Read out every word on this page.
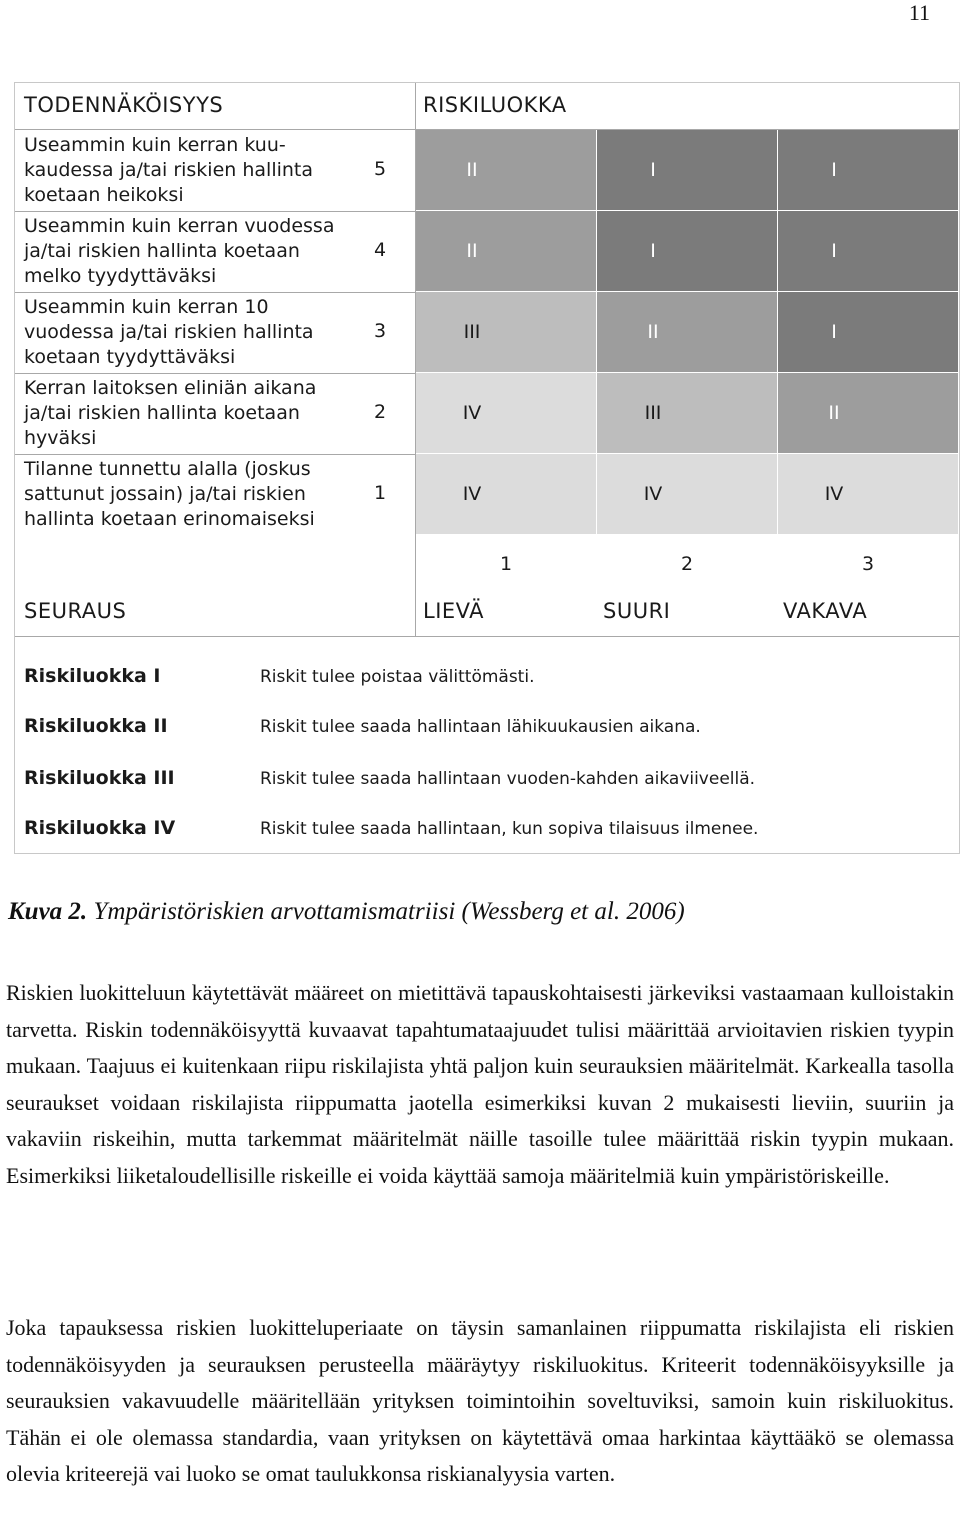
11
TODENNÄKÖISYYS	RISKILUOKKA
Useammin kuin kerran kuu-
kaudessa ja/tai riskien hallinta
koetaan heikoksi
5	II	I	I
Useammin kuin kerran vuodessa
ja/tai riskien hallinta koetaan
melko tyydyttäväksi
4	II	I	I
Useammin kuin kerran 10
vuodessa ja/tai riskien hallinta
koetaan tyydyttäväksi
3	III	II	I
Kerran laitoksen eliniän aikana
ja/tai riskien hallinta koetaan
hyväksi
2	IV	III	II
Tilanne tunnettu alalla (joskus
sattunut jossain) ja/tai riskien
hallinta koetaan erinomaiseksi
1	IV	IV	IV
1	2	3
SEURAUS	LIEVÄ	SUURI	VAKAVA
Riskiluokka I	Riskit tulee poistaa välittömästi.
Riskiluokka II	Riskit tulee saada hallintaan lähikuukausien aikana.
Riskiluokka III	Riskit tulee saada hallintaan vuoden-kahden aikaviiveellä.
Riskiluokka IV	Riskit tulee saada hallintaan, kun sopiva tilaisuus ilmenee.
Kuva 2. Ympäristöriskien arvottamismatriisi (Wessberg et al. 2006)
Riskien luokitteluun käytettävät määreet on mietittävä tapauskohtaisesti järkeviksi vastaamaan kulloistakin tarvetta. Riskin todennäköisyyttä kuvaavat tapahtumataajuudet tulisi määrittää arvioitavien riskien tyypin mukaan. Taajuus ei kuitenkaan riipu riskilajista yhtä paljon kuin seurauksien määritelmät. Karkealla tasolla seuraukset voidaan riskilajista riippumatta jaotella esimerkiksi kuvan 2 mukaisesti lieviin, suuriin ja vakaviin riskeihin, mutta tarkemmat määritelmät näille tasoille tulee määrittää riskin tyypin mukaan. Esimerkiksi liiketaloudellisille riskeille ei voida käyttää samoja määritelmiä kuin ympäristöriskeille.
Joka tapauksessa riskien luokitteluperiaate on täysin samanlainen riippumatta riskilajista eli riskien todennäköisyyden ja seurauksen perusteella määräytyy riskiluokitus. Kriteerit todennäköisyyksille ja seurauksien vakavuudelle määritellään yrityksen toimintoihin soveltuviksi, samoin kuin riskiluokitus. Tähän ei ole olemassa standardia, vaan yrityksen on käytettävä omaa harkintaa käyttääkö se olemassa olevia kriteerejä vai luoko se omat taulukkonsa riskianalyysia varten.
